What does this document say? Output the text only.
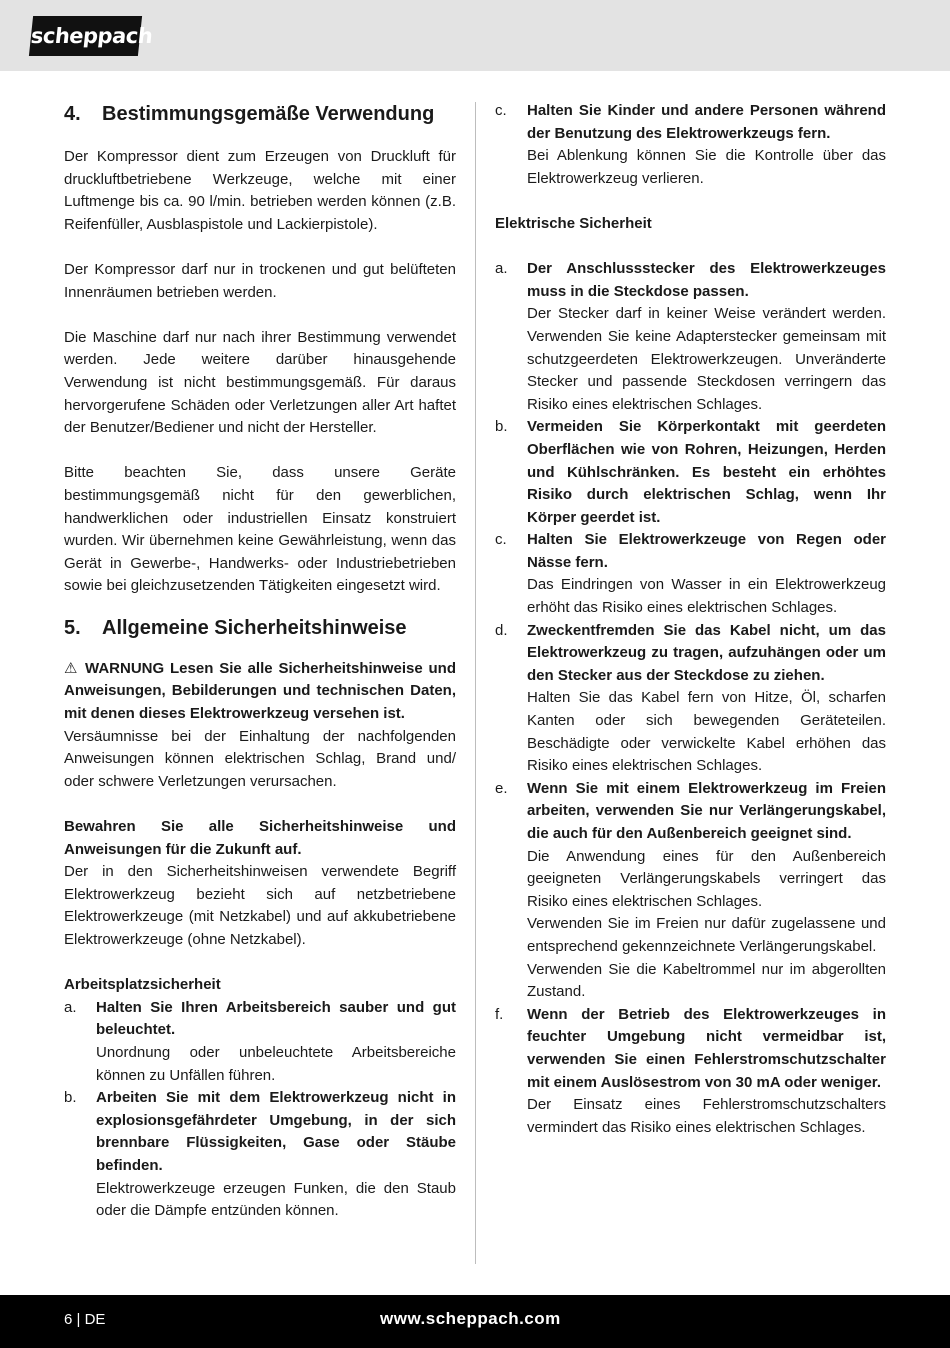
scheppach
4. Bestimmungsgemäße Verwendung

Der Kompressor dient zum Erzeugen von Druckluft für druckluftbetriebene Werkzeuge, welche mit einer Luftmenge bis ca. 90 l/min. betrieben werden können (z.B. Reifenfüller, Ausblaspistole und Lackierpistole).

Der Kompressor darf nur in trockenen und gut belüfteten Innenräumen betrieben werden.

Die Maschine darf nur nach ihrer Bestimmung verwendet werden. Jede weitere darüber hinausgehende Verwendung ist nicht bestimmungsgemäß. Für daraus hervorgerufene Schäden oder Verletzungen aller Art haftet der Benutzer/Bediener und nicht der Hersteller.

Bitte beachten Sie, dass unsere Geräte bestimmungsgemäß nicht für den gewerblichen, handwerklichen oder industriellen Einsatz konstruiert wurden. Wir übernehmen keine Gewährleistung, wenn das Gerät in Gewerbe-, Handwerks- oder Industriebetrieben sowie bei gleichzusetzenden Tätigkeiten eingesetzt wird.

5. Allgemeine Sicherheitshinweise

⚠ WARNUNG Lesen Sie alle Sicherheitshinweise und Anweisungen, Bebilderungen und technischen Daten, mit denen dieses Elektrowerkzeug versehen ist.

Versäumnisse bei der Einhaltung der nachfolgenden Anweisungen können elektrischen Schlag, Brand und/ oder schwere Verletzungen verursachen.

Bewahren Sie alle Sicherheitshinweise und Anweisungen für die Zukunft auf.

Der in den Sicherheitshinweisen verwendete Begriff Elektrowerkzeug bezieht sich auf netzbetriebene Elektrowerkzeuge (mit Netzkabel) und auf akkubetriebene Elektrowerkzeuge (ohne Netzkabel).

Arbeitsplatzsicherheit

a. Halten Sie Ihren Arbeitsbereich sauber und gut beleuchtet.
Unordnung oder unbeleuchtete Arbeitsbereiche können zu Unfällen führen.
b. Arbeiten Sie mit dem Elektrowerkzeug nicht in explosionsgefährdeter Umgebung, in der sich brennbare Flüssigkeiten, Gase oder Stäube befinden.
Elektrowerkzeuge erzeugen Funken, die den Staub oder die Dämpfe entzünden können.
c. Halten Sie Kinder und andere Personen während der Benutzung des Elektrowerkzeugs fern.
Bei Ablenkung können Sie die Kontrolle über das Elektrowerkzeug verlieren.

Elektrische Sicherheit

a. Der Anschlussstecker des Elektrowerkzeuges muss in die Steckdose passen.
Der Stecker darf in keiner Weise verändert werden. Verwenden Sie keine Adapterstecker gemeinsam mit schutzgeerdeten Elektrowerkzeugen. Unveränderte Stecker und passende Steckdosen verringern das Risiko eines elektrischen Schlages.
b. Vermeiden Sie Körperkontakt mit geerdeten Oberflächen wie von Rohren, Heizungen, Herden und Kühlschränken. Es besteht ein erhöhtes Risiko durch elektrischen Schlag, wenn Ihr Körper geerdet ist.
c. Halten Sie Elektrowerkzeuge von Regen oder Nässe fern.
Das Eindringen von Wasser in ein Elektrowerkzeug erhöht das Risiko eines elektrischen Schlages.
d. Zweckentfremden Sie das Kabel nicht, um das Elektrowerkzeug zu tragen, aufzuhängen oder um den Stecker aus der Steckdose zu ziehen.
Halten Sie das Kabel fern von Hitze, Öl, scharfen Kanten oder sich bewegenden Geräteteilen. Beschädigte oder verwickelte Kabel erhöhen das Risiko eines elektrischen Schlages.
e. Wenn Sie mit einem Elektrowerkzeug im Freien arbeiten, verwenden Sie nur Verlängerungskabel, die auch für den Außenbereich geeignet sind.
Die Anwendung eines für den Außenbereich geeigneten Verlängerungskabels verringert das Risiko eines elektrischen Schlages.
Verwenden Sie im Freien nur dafür zugelassene und entsprechend gekennzeichnete Verlängerungskabel.
Verwenden Sie die Kabeltrommel nur im abgerollten Zustand.
f. Wenn der Betrieb des Elektrowerkzeuges in feuchter Umgebung nicht vermeidbar ist, verwenden Sie einen Fehlerstromschutzschalter mit einem Auslösestrom von 30 mA oder weniger.
Der Einsatz eines Fehlerstromschutzschalters vermindert das Risiko eines elektrischen Schlages.
6 | DE	www.scheppach.com
